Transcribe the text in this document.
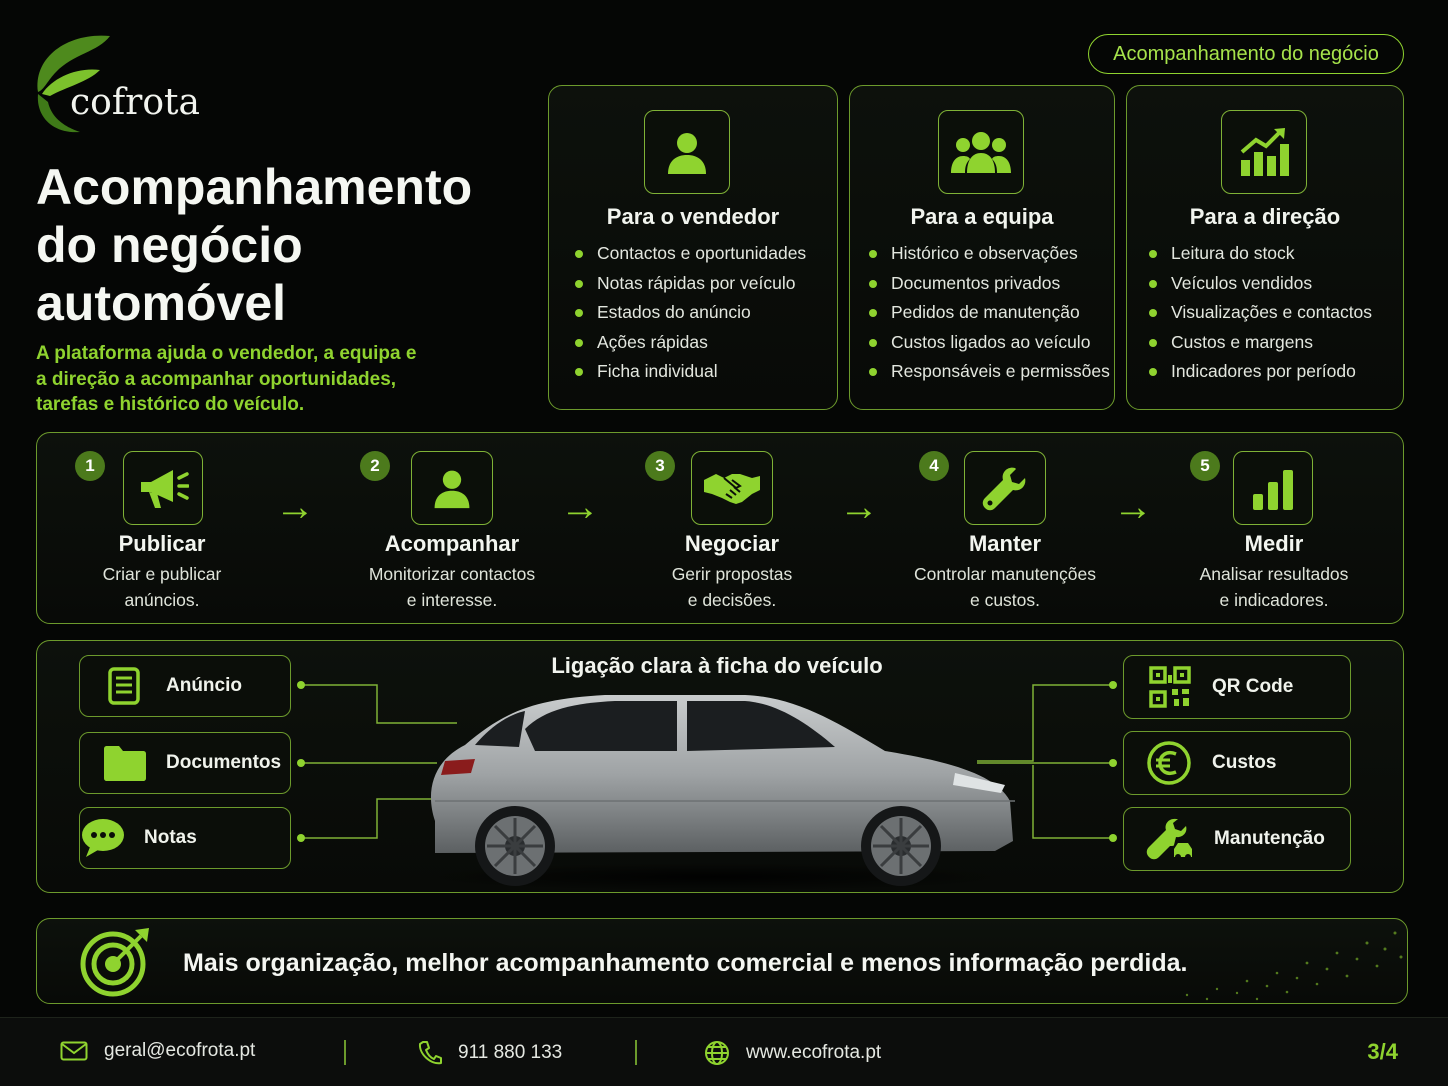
cofrota
Acompanhamento do negócio
Acompanhamento
do negócio
automóvel
A plataforma ajuda o vendedor, a equipa e
a direção a acompanhar oportunidades,
tarefas e histórico do veículo.
Para o vendedor
Contactos e oportunidades
Notas rápidas por veículo
Estados do anúncio
Ações rápidas
Ficha individual
Para a equipa
Histórico e observações
Documentos privados
Pedidos de manutenção
Custos ligados ao veículo
Responsáveis e permissões
Para a direção
Leitura do stock
Veículos vendidos
Visualizações e contactos
Custos e margens
Indicadores por período
1
Publicar
Criar e publicar
anúncios.
→
2
Acompanhar
Monitorizar contactos
e interesse.
→
3
Negociar
Gerir propostas
e decisões.
→
4
Manter
Controlar manutenções
e custos.
→
5
Medir
Analisar resultados
e indicadores.
Ligação clara à ficha do veículo
Anúncio
Documentos
Notas
QR Code
Custos
Manutenção
Mais organização, melhor acompanhamento comercial e menos informação perdida.
geral@ecofrota.pt	911 880 133	www.ecofrota.pt	3/4
